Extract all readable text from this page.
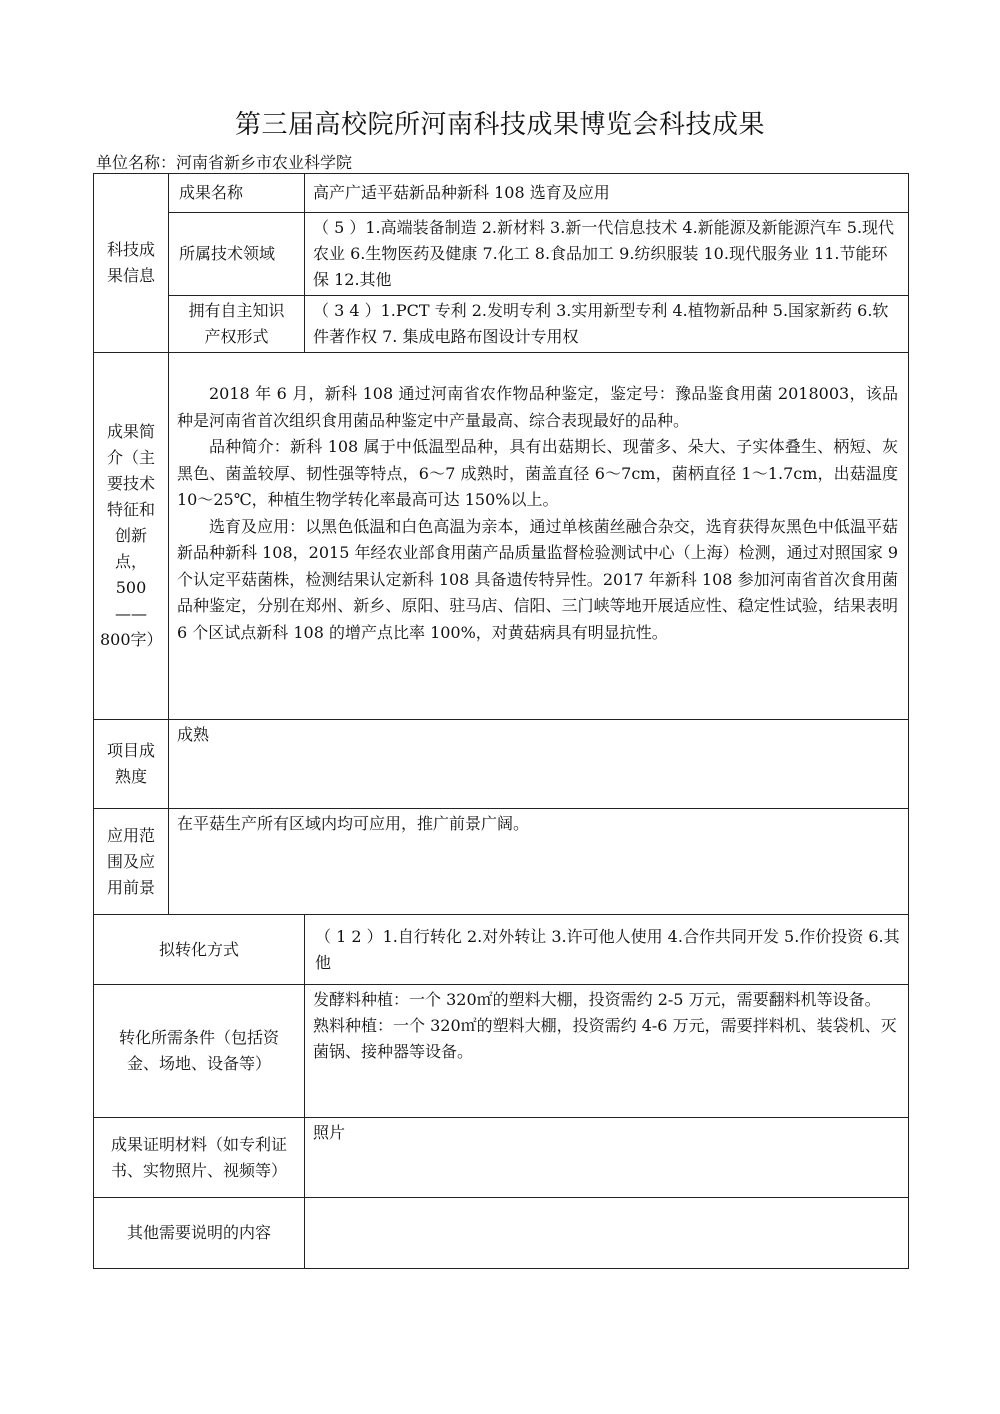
第三届高校院所河南科技成果博览会科技成果
单位名称：河南省新乡市农业科学院
科技成果信息	成果名称	高产广适平菇新品种新科 108 选育及应用
	所属技术领域	（ 5 ）1.高端装备制造 2.新材料 3.新一代信息技术 4.新能源及新能源汽车 5.现代农业 6.生物医药及健康 7.化工 8.食品加工 9.纺织服装 10.现代服务业 11.节能环保 12.其他
	拥有自主知识产权形式	（ 3 4 ）1.PCT 专利 2.发明专利 3.实用新型专利 4.植物新品种 5.国家新药 6.软件著作权 7. 集成电路布图设计专用权
成果简介（主要技术特征和创新点，500——800字）	2018 年 6 月，新科 108 通过河南省农作物品种鉴定，鉴定号：豫品鉴食用菌 2018003，该品种是河南省首次组织食用菌品种鉴定中产量最高、综合表现最好的品种。

品种简介：新科 108 属于中低温型品种，具有出菇期长、现蕾多、朵大、子实体叠生、柄短、灰黑色、菌盖较厚、韧性强等特点，6～7 成熟时，菌盖直径 6～7cm，菌柄直径 1～1.7cm，出菇温度 10～25℃，种植生物学转化率最高可达 150%以上。

选育及应用：以黑色低温和白色高温为亲本，通过单核菌丝融合杂交，选育获得灰黑色中低温平菇新品种新科 108，2015 年经农业部食用菌产品质量监督检验测试中心（上海）检测，通过对照国家 9 个认定平菇菌株，检测结果认定新科 108 具备遗传特异性。2017 年新科 108 参加河南省首次食用菌品种鉴定，分别在郑州、新乡、原阳、驻马店、信阳、三门峡等地开展适应性、稳定性试验，结果表明 6 个区试点新科 108 的增产点比率 100%，对黄菇病具有明显抗性。	

项目成熟度	成熟	
应用范围及应用前景	在平菇生产所有区域内均可应用，推广前景广阔。	
拟转化方式		（ 1 2 ）1.自行转化 2.对外转让 3.许可他人使用 4.合作共同开发 5.作价投资 6.其他
转化所需条件（包括资金、场地、设备等）		发酵料种植：一个 320㎡的塑料大棚，投资需约 2-5 万元，需要翻料机等设备。

熟料种植：一个 320㎡的塑料大棚，投资需约 4-6 万元，需要拌料机、装袋机、灭菌锅、接种器等设备。

成果证明材料（如专利证书、实物照片、视频等）		照片
其他需要说明的内容		
